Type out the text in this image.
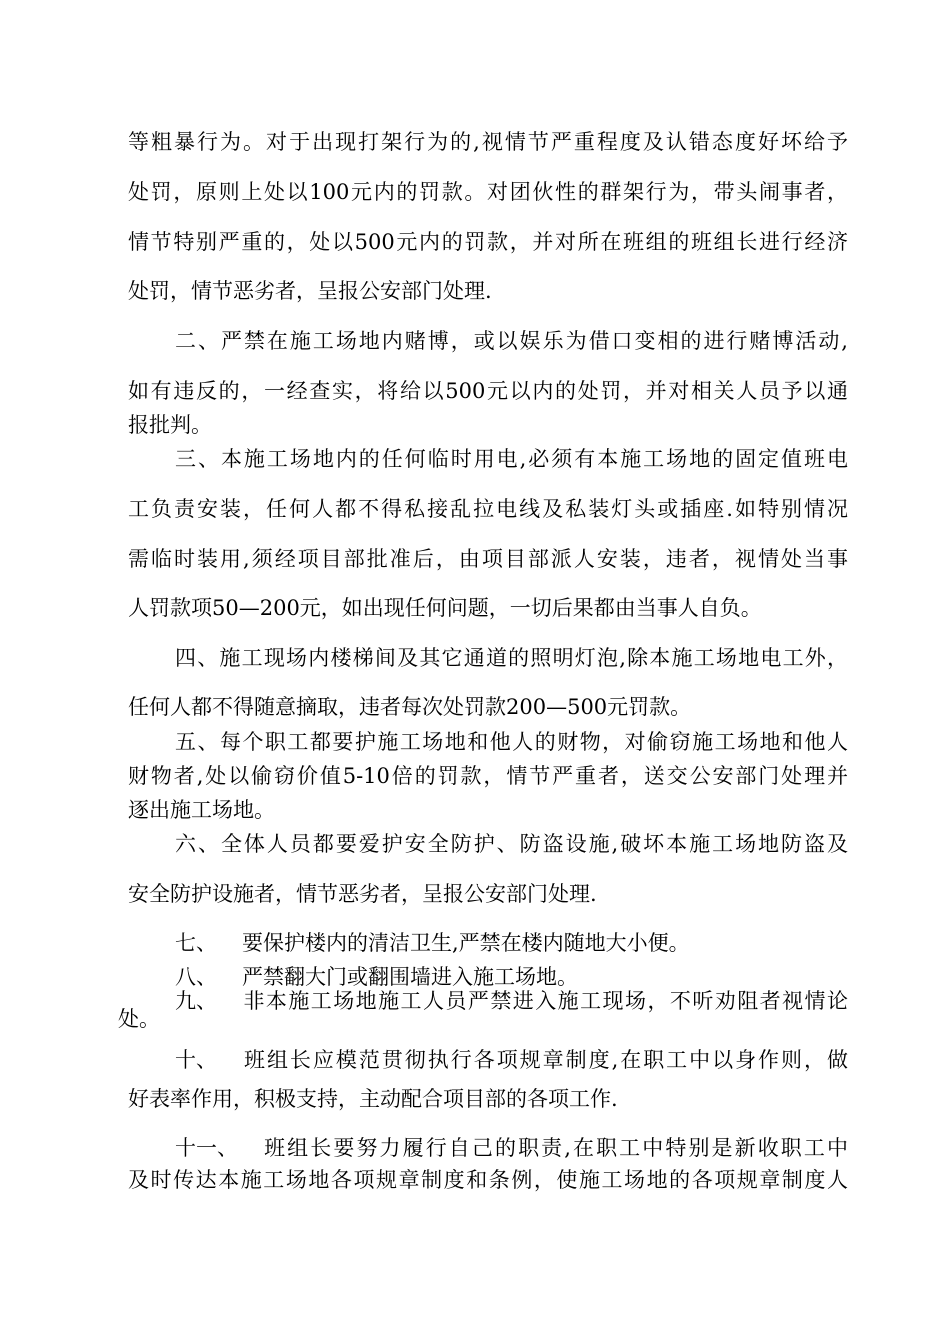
等粗暴行为。对于出现打架行为的,视情节严重程度及认错态度好坏给予
处罚，原则上处以100元内的罚款。对团伙性的群架行为，带头闹事者，
情节特别严重的，处以500元内的罚款，并对所在班组的班组长进行经济
处罚，情节恶劣者，呈报公安部门处理.
二、严禁在施工场地内赌博，或以娱乐为借口变相的进行赌博活动,
如有违反的，一经查实，将给以500元以内的处罚，并对相关人员予以通
报批判。
三、本施工场地内的任何临时用电,必须有本施工场地的固定值班电
工负责安装，任何人都不得私接乱拉电线及私装灯头或插座.如特别情况
需临时装用,须经项目部批准后，由项目部派人安装，违者，视情处当事
人罚款项50—200元，如出现任何问题，一切后果都由当事人自负。
四、施工现场内楼梯间及其它通道的照明灯泡,除本施工场地电工外，
任何人都不得随意摘取，违者每次处罚款200—500元罚款。
五、每个职工都要护施工场地和他人的财物，对偷窃施工场地和他人
财物者,处以偷窃价值5-10倍的罚款，情节严重者，送交公安部门处理并
逐出施工场地。
六、全体人员都要爱护安全防护、防盗设施,破坏本施工场地防盗及
安全防护设施者，情节恶劣者，呈报公安部门处理.
七、 要保护楼内的清洁卫生,严禁在楼内随地大小便。
八、 严禁翻大门或翻围墙进入施工场地。
九、 非本施工场地施工人员严禁进入施工现场，不听劝阻者视情论
处。
十、 班组长应模范贯彻执行各项规章制度,在职工中以身作则，做
好表率作用，积极支持，主动配合项目部的各项工作.
十一、 班组长要努力履行自己的职责,在职工中特别是新收职工中
及时传达本施工场地各项规章制度和条例，使施工场地的各项规章制度人
